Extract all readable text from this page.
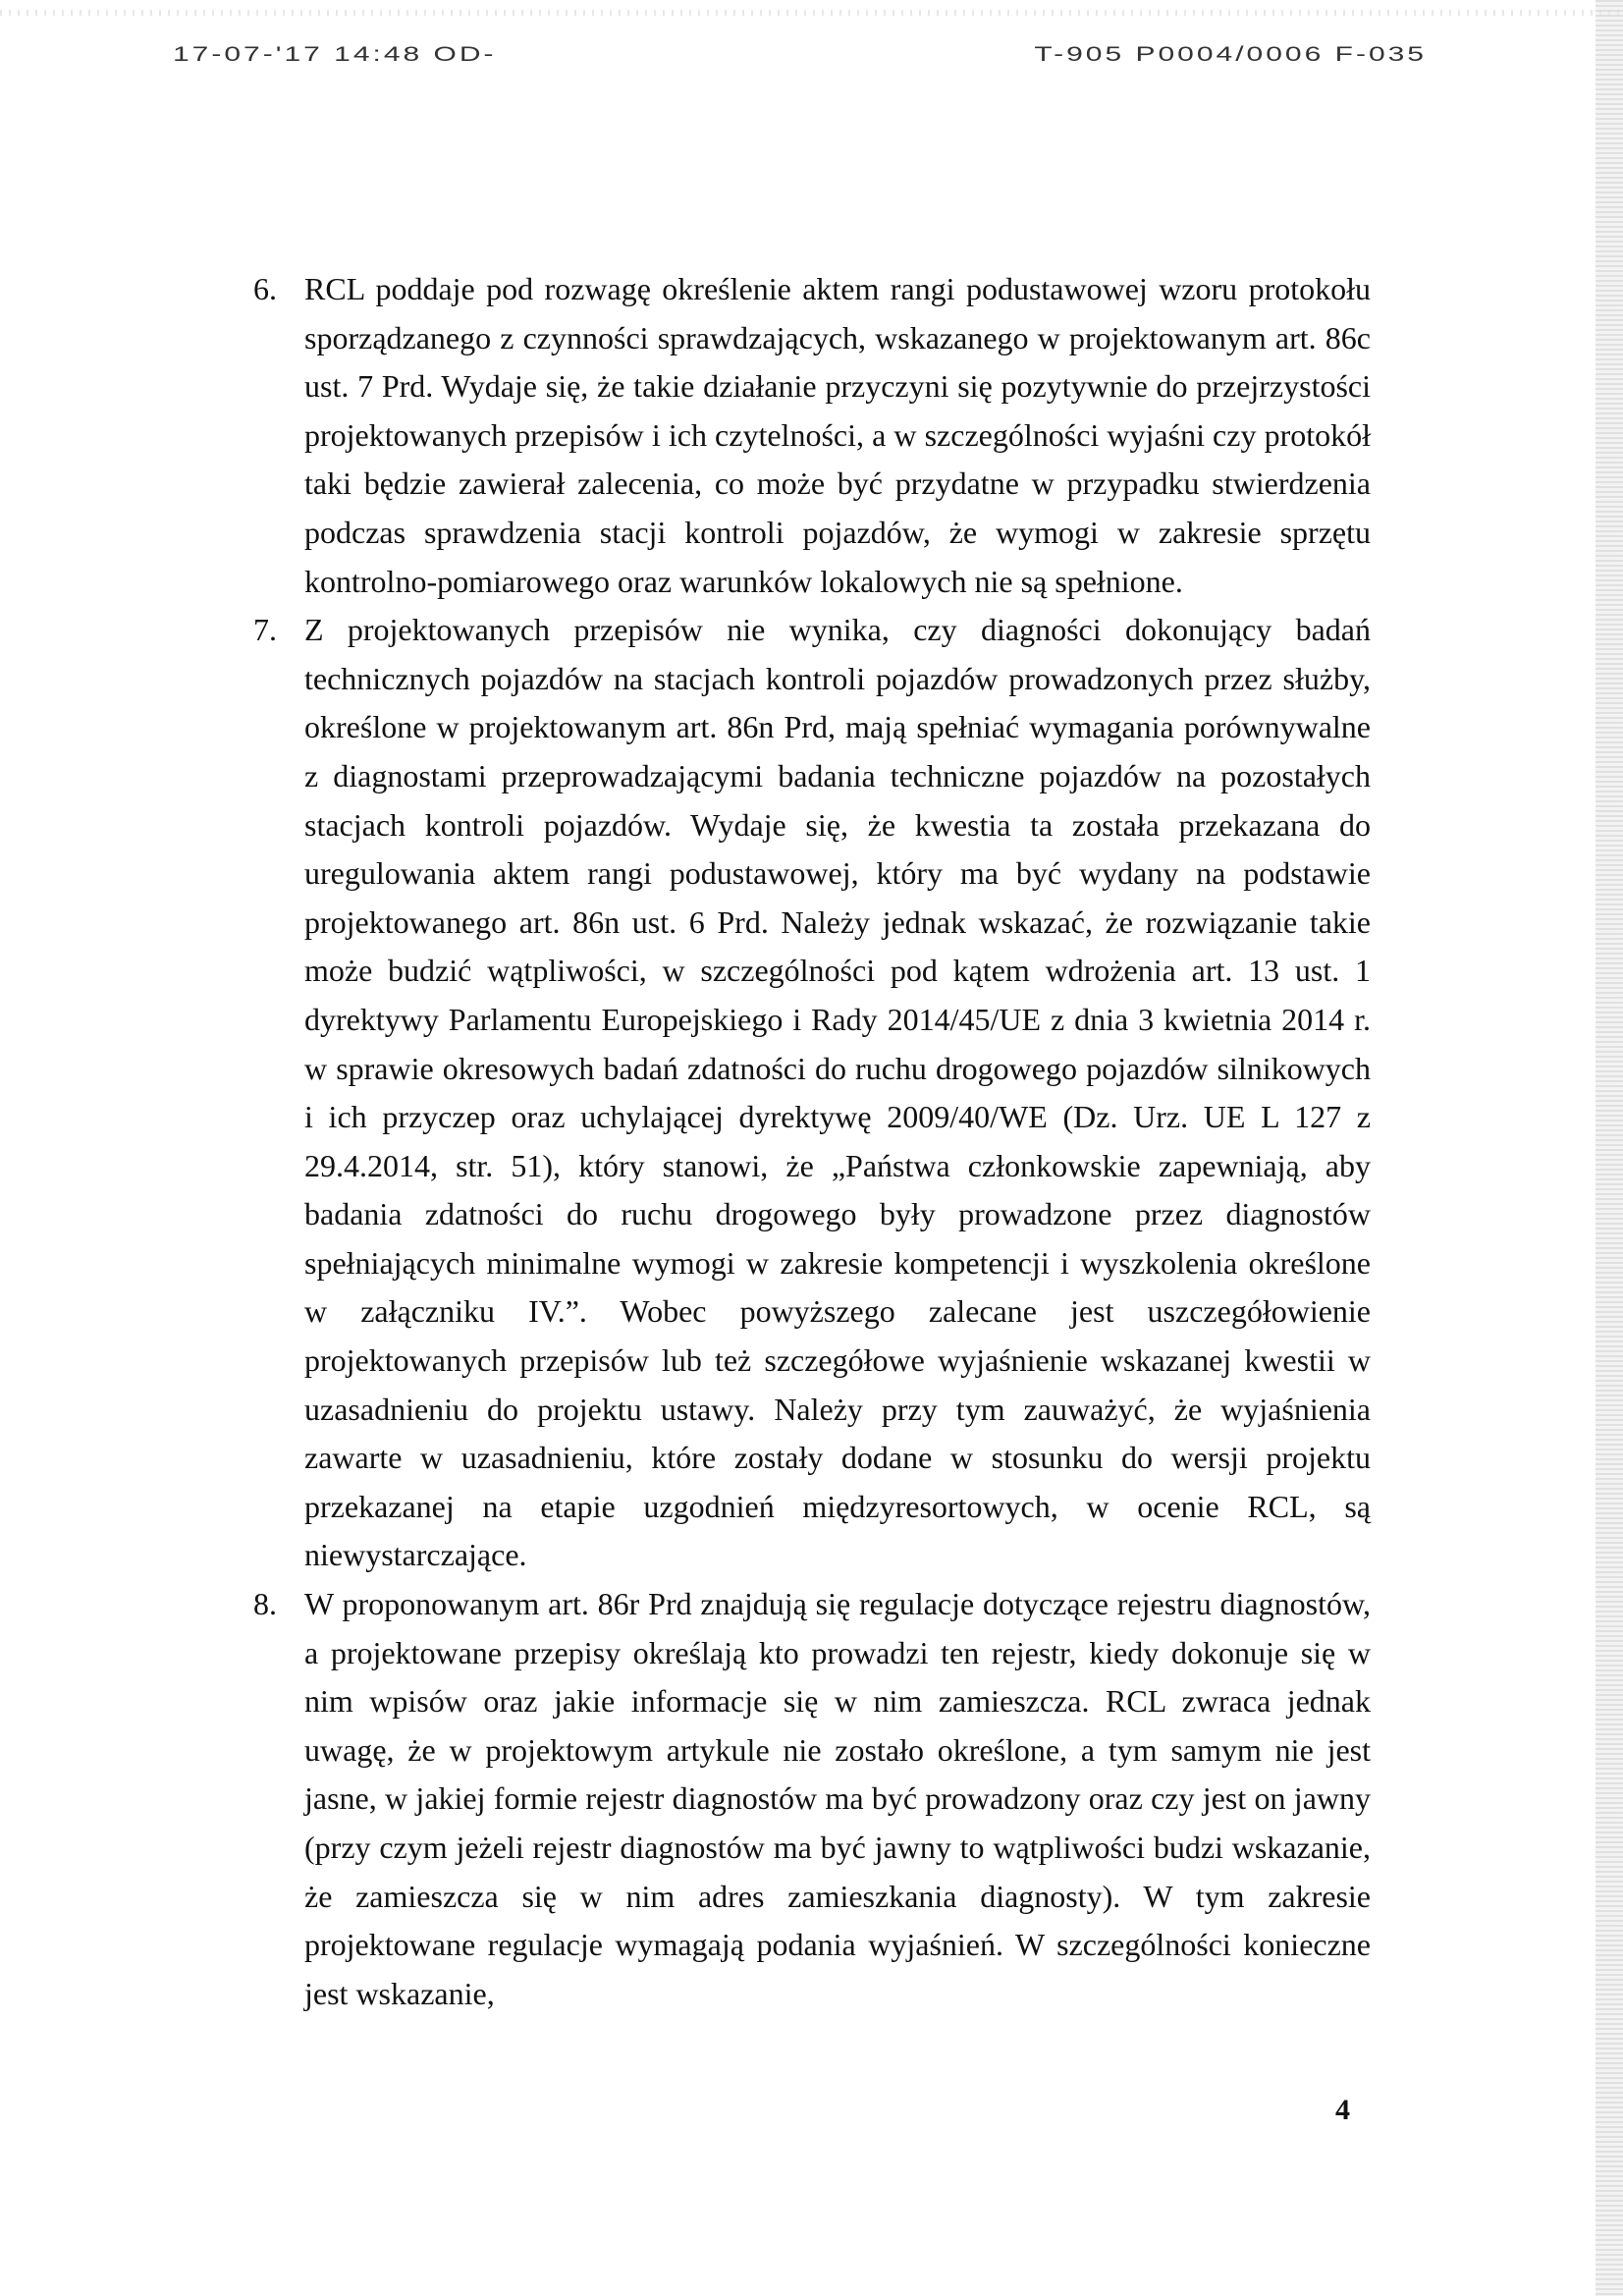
17-07-'17 14:48 OD-	T-905 P0004/0006 F-035
6. RCL poddaje pod rozwagę określenie aktem rangi podustawowej wzoru protokołu sporządzanego z czynności sprawdzających, wskazanego w projektowanym art. 86c ust. 7 Prd. Wydaje się, że takie działanie przyczyni się pozytywnie do przejrzystości projektowanych przepisów i ich czytelności, a w szczególności wyjaśni czy protokół taki będzie zawierał zalecenia, co może być przydatne w przypadku stwierdzenia podczas sprawdzenia stacji kontroli pojazdów, że wymogi w zakresie sprzętu kontrolno-pomiarowego oraz warunków lokalowych nie są spełnione.
7. Z projektowanych przepisów nie wynika, czy diagności dokonujący badań technicznych pojazdów na stacjach kontroli pojazdów prowadzonych przez służby, określone w projektowanym art. 86n Prd, mają spełniać wymagania porównywalne z diagnostami przeprowadzającymi badania techniczne pojazdów na pozostałych stacjach kontroli pojazdów. Wydaje się, że kwestia ta została przekazana do uregulowania aktem rangi podustawowej, który ma być wydany na podstawie projektowanego art. 86n ust. 6 Prd. Należy jednak wskazać, że rozwiązanie takie może budzić wątpliwości, w szczególności pod kątem wdrożenia art. 13 ust. 1 dyrektywy Parlamentu Europejskiego i Rady 2014/45/UE z dnia 3 kwietnia 2014 r. w sprawie okresowych badań zdatności do ruchu drogowego pojazdów silnikowych i ich przyczep oraz uchylającej dyrektywę 2009/40/WE (Dz. Urz. UE L 127 z 29.4.2014, str. 51), który stanowi, że „Państwa członkowskie zapewniają, aby badania zdatności do ruchu drogowego były prowadzone przez diagnostów spełniających minimalne wymogi w zakresie kompetencji i wyszkolenia określone w załączniku IV.”. Wobec powyższego zalecane jest uszczegółowienie projektowanych przepisów lub też szczegółowe wyjaśnienie wskazanej kwestii w uzasadnieniu do projektu ustawy. Należy przy tym zauważyć, że wyjaśnienia zawarte w uzasadnieniu, które zostały dodane w stosunku do wersji projektu przekazanej na etapie uzgodnień międzyresortowych, w ocenie RCL, są niewystarczające.
8. W proponowanym art. 86r Prd znajdują się regulacje dotyczące rejestru diagnostów, a projektowane przepisy określają kto prowadzi ten rejestr, kiedy dokonuje się w nim wpisów oraz jakie informacje się w nim zamieszcza. RCL zwraca jednak uwagę, że w projektowym artykule nie zostało określone, a tym samym nie jest jasne, w jakiej formie rejestr diagnostów ma być prowadzony oraz czy jest on jawny (przy czym jeżeli rejestr diagnostów ma być jawny to wątpliwości budzi wskazanie, że zamieszcza się w nim adres zamieszkania diagnosty). W tym zakresie projektowane regulacje wymagają podania wyjaśnień. W szczególności konieczne jest wskazanie,
4
